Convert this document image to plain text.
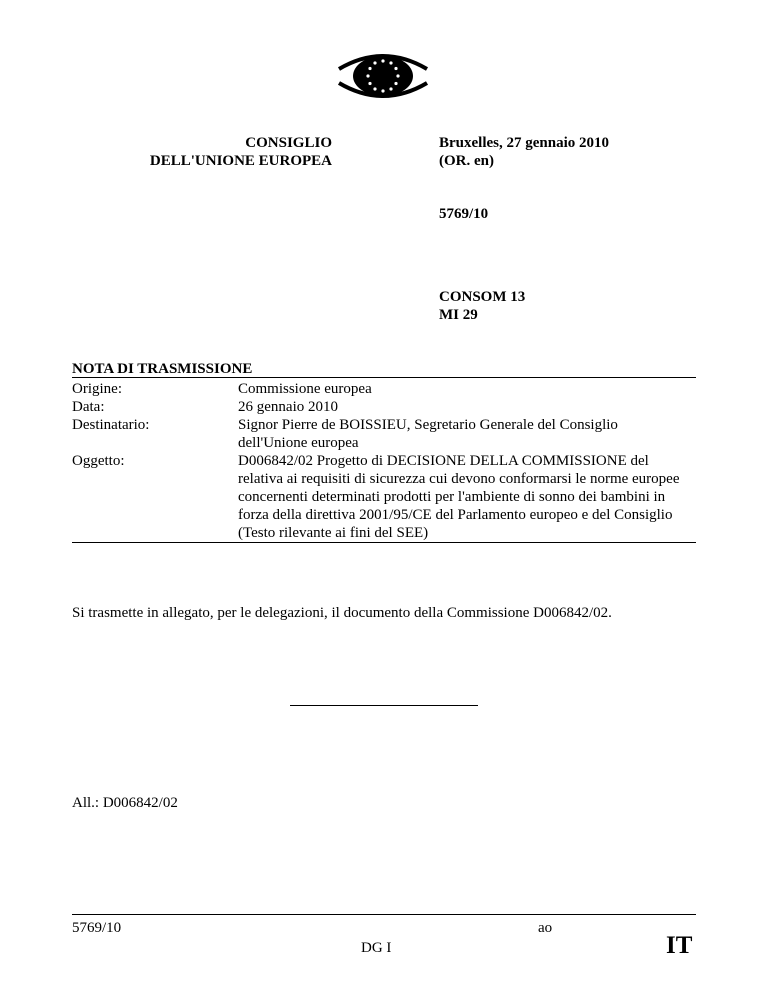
CONSIGLIO
DELL'UNIONE EUROPEA
Bruxelles, 27 gennaio 2010
(OR. en)
5769/10
CONSOM 13
MI 29
NOTA DI TRASMISSIONE
Origine:	Commissione europea
Data:	26 gennaio 2010
Destinatario:	Signor Pierre de BOISSIEU, Segretario Generale del Consiglio
dell'Unione europea
Oggetto:	D006842/02 Progetto di DECISIONE DELLA COMMISSIONE del
relativa ai requisiti di sicurezza cui devono conformarsi le norme europee
concernenti determinati prodotti per l'ambiente di sonno dei bambini in
forza della direttiva 2001/95/CE del Parlamento europeo e del Consiglio
(Testo rilevante ai fini del SEE)
Si trasmette in allegato, per le delegazioni, il documento della Commissione D006842/02.
All.: D006842/02
5769/10	ao
DG I	IT
